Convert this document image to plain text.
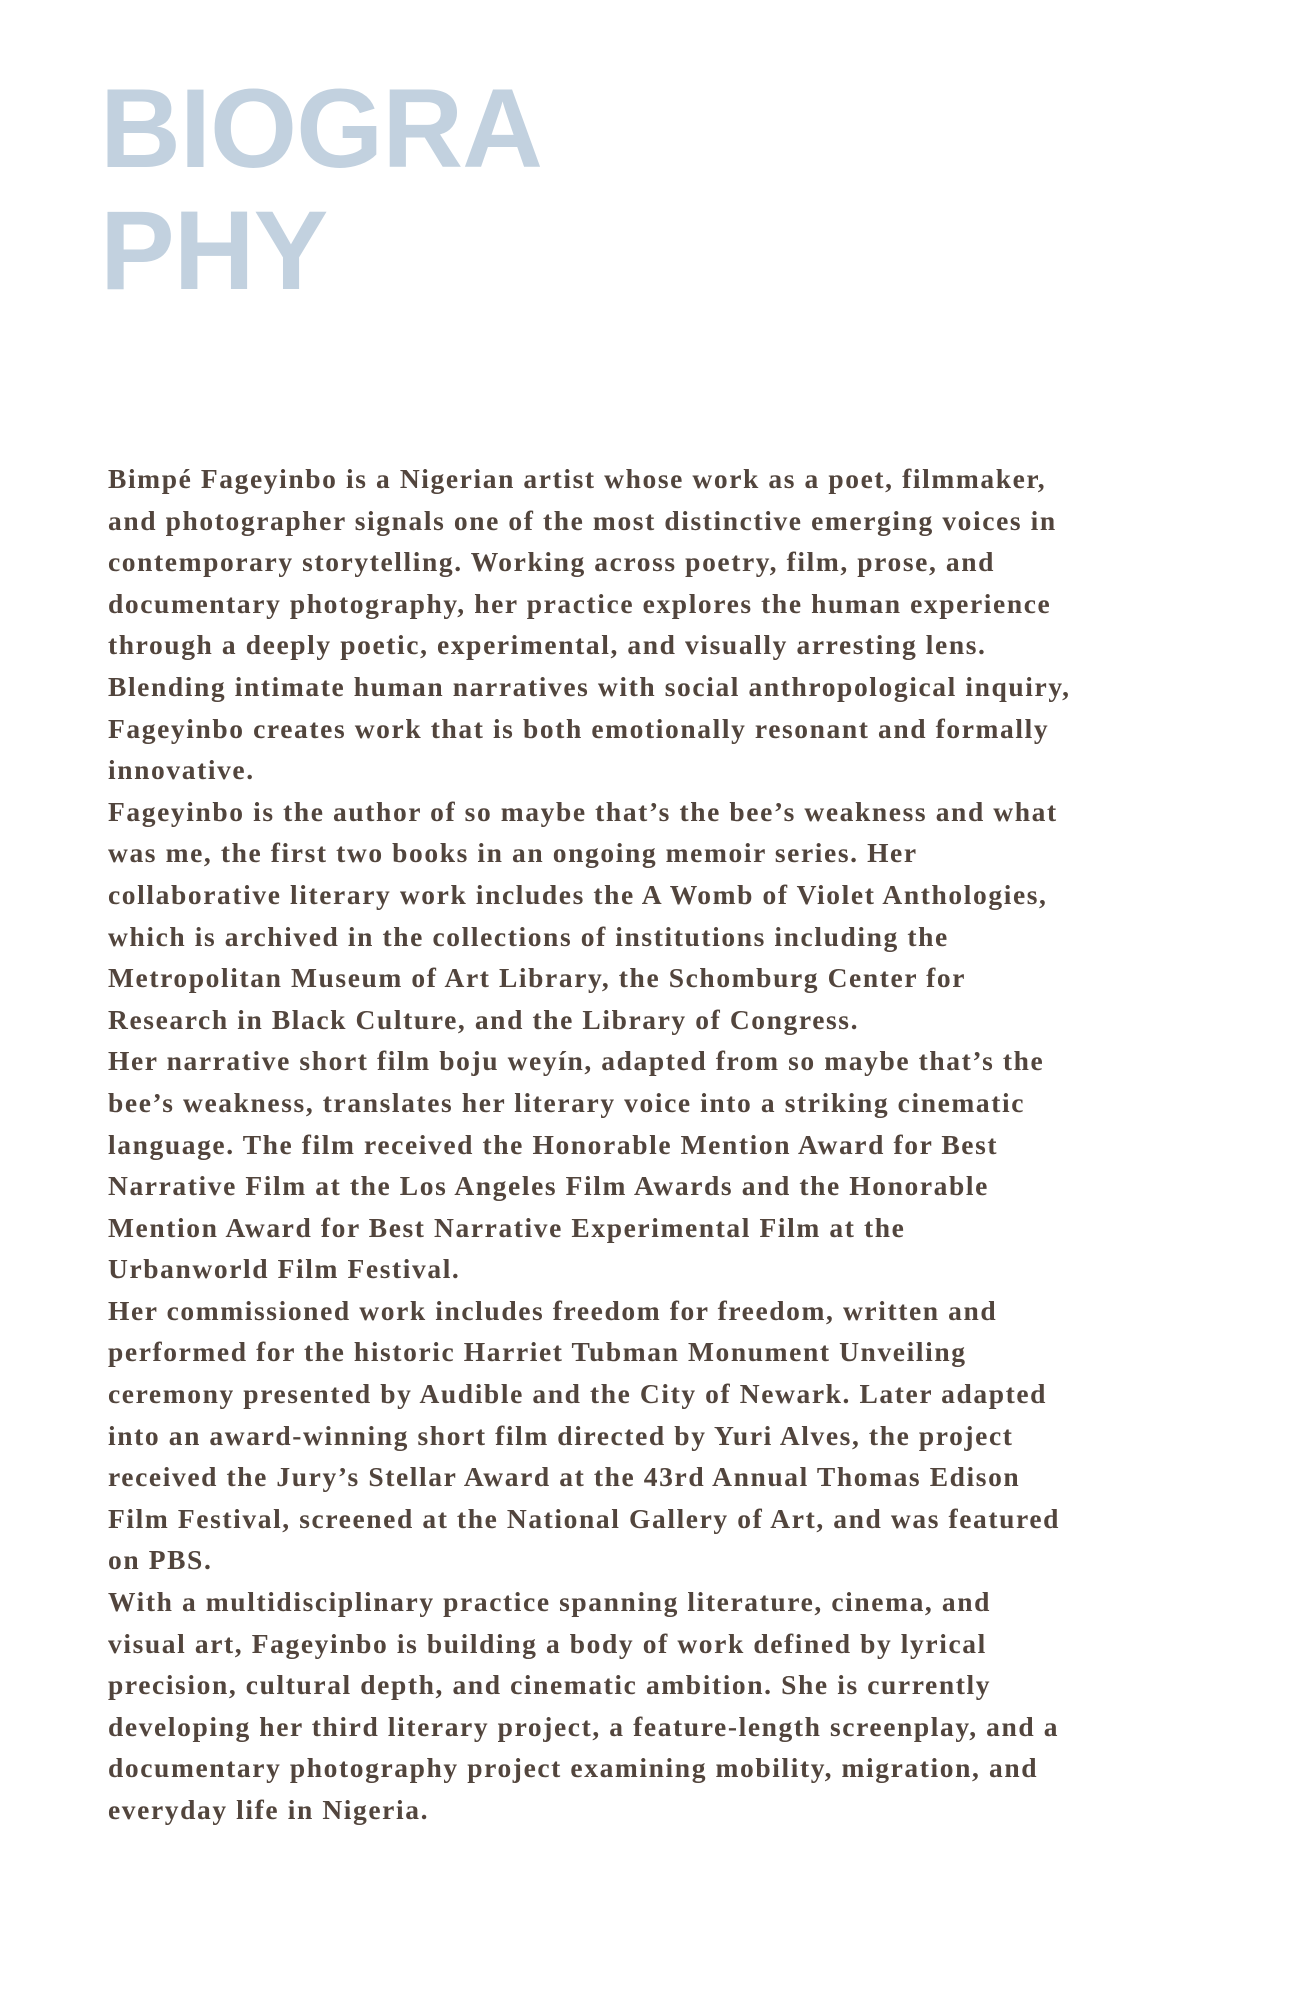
BIOGRA
PHY

Bimpé Fageyinbo is a Nigerian artist whose work as a poet, filmmaker,
and photographer signals one of the most distinctive emerging voices in
contemporary storytelling. Working across poetry, film, prose, and
documentary photography, her practice explores the human experience
through a deeply poetic, experimental, and visually arresting lens.
Blending intimate human narratives with social anthropological inquiry,
Fageyinbo creates work that is both emotionally resonant and formally
innovative.

Fageyinbo is the author of so maybe that’s the bee’s weakness and what
was me, the first two books in an ongoing memoir series. Her
collaborative literary work includes the A Womb of Violet Anthologies,
which is archived in the collections of institutions including the
Metropolitan Museum of Art Library, the Schomburg Center for
Research in Black Culture, and the Library of Congress.

Her narrative short film boju weyín, adapted from so maybe that’s the
bee’s weakness, translates her literary voice into a striking cinematic
language. The film received the Honorable Mention Award for Best
Narrative Film at the Los Angeles Film Awards and the Honorable
Mention Award for Best Narrative Experimental Film at the
Urbanworld Film Festival.

Her commissioned work includes freedom for freedom, written and
performed for the historic Harriet Tubman Monument Unveiling
ceremony presented by Audible and the City of Newark. Later adapted
into an award-winning short film directed by Yuri Alves, the project
received the Jury’s Stellar Award at the 43rd Annual Thomas Edison
Film Festival, screened at the National Gallery of Art, and was featured
on PBS.

With a multidisciplinary practice spanning literature, cinema, and
visual art, Fageyinbo is building a body of work defined by lyrical
precision, cultural depth, and cinematic ambition. She is currently
developing her third literary project, a feature-length screenplay, and a
documentary photography project examining mobility, migration, and
everyday life in Nigeria.
